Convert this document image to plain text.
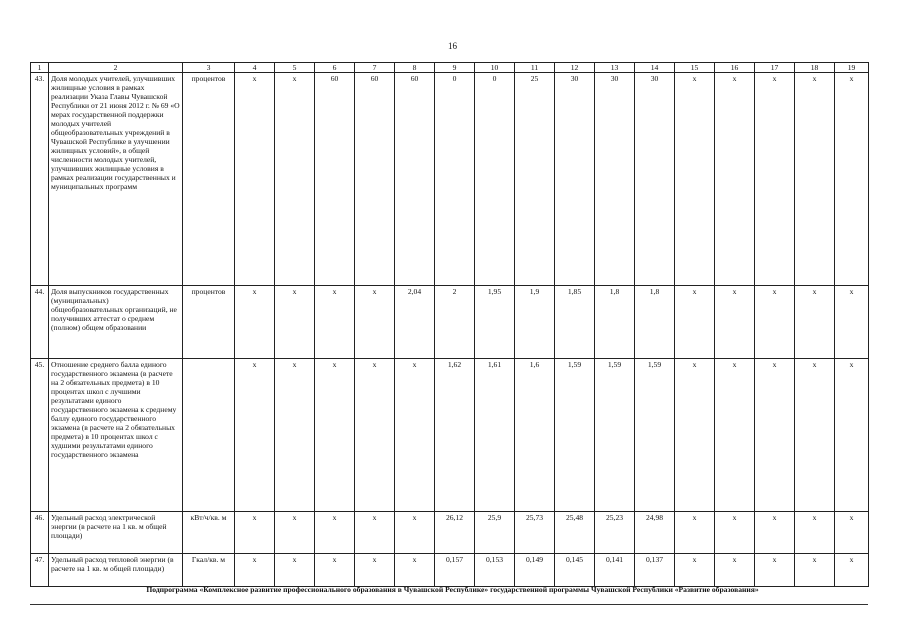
16
1	2	3	4	5	6	7	8	9	10	11	12	13	14	15	16	17	18	19
43.	Доля молодых учителей, улучшивших жилищные условия в рамках реализации Указа Главы Чувашской Республики от 21 июня 2012 г. № 69 «О мерах государственной поддержки молодых учителей общеобразовательных учреждений в Чувашской Республике в улучшении жилищных условий», в общей численности молодых учителей, улучшивших жилищные условия в рамках реализации государственных и муниципальных программ	процентов	х	х	60	60	60	0	0	25	30	30	30	х	х	х	х	х
44.	Доля выпускников государственных (муниципальных) общеобразовательных организаций, не получивших аттестат о среднем (полном) общем образовании	процентов	х	х	х	х	2,04	2	1,95	1,9	1,85	1,8	1,8	х	х	х	х	х
45.	Отношение среднего балла единого государственного экзамена (в расчете на 2 обязательных предмета) в 10 процентах школ с лучшими результатами единого государственного экзамена к среднему баллу единого государственного экзамена (в расчете на 2 обязательных предмета) в 10 процентах школ с худшими результатами единого государственного экзамена		х	х	х	х	х	1,62	1,61	1,6	1,59	1,59	1,59	х	х	х	х	х
46.	Удельный расход электрической энергии (в расчете на 1 кв. м общей площади)	кВт/ч/кв. м	х	х	х	х	х	26,12	25,9	25,73	25,48	25,23	24,98	х	х	х	х	х
47.	Удельный расход тепловой энергии (в расчете на 1 кв. м общей площади)	Гкал/кв. м	х	х	х	х	х	0,157	0,153	0,149	0,145	0,141	0,137	х	х	х	х	х
Подпрограмма «Комплексное развитие профессионального образования в Чувашской Республике» государственной программы Чувашской Республики «Развитие образования»
